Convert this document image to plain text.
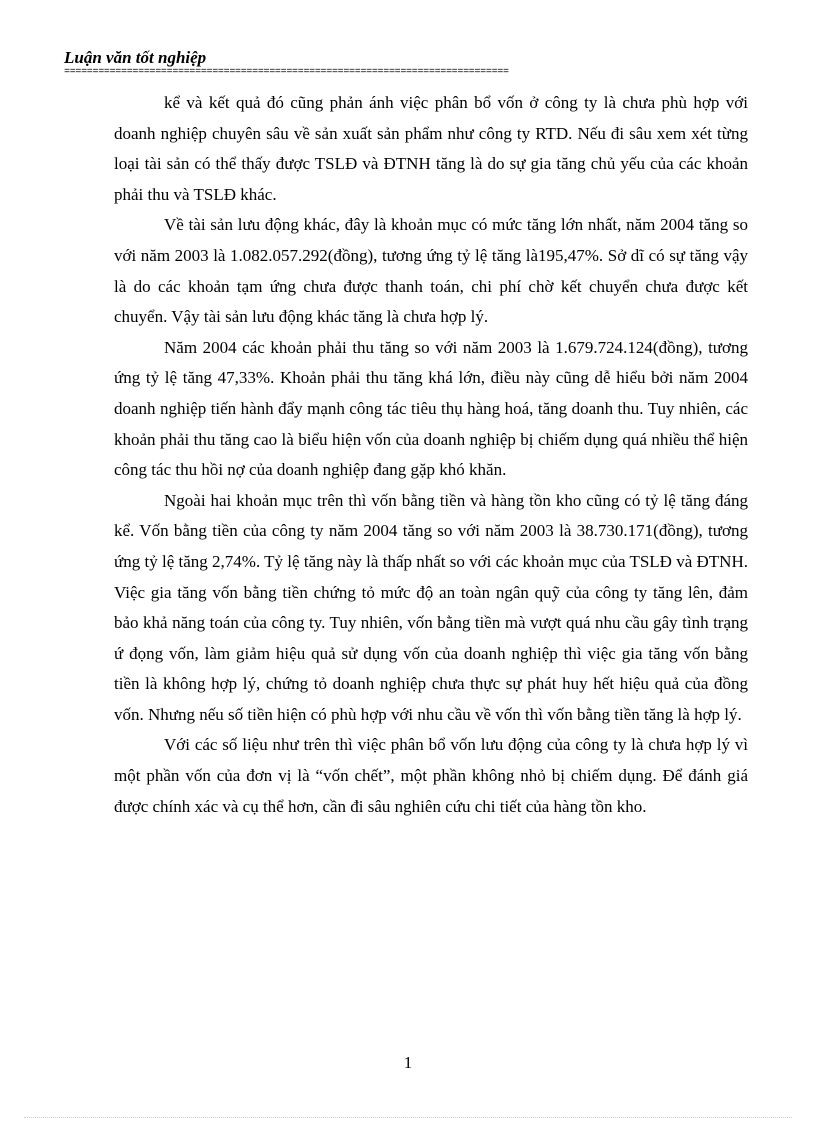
Luận văn tốt nghiệp
==============================================================================

kể và kết quả đó cũng phản ánh việc phân bổ vốn ở công ty là chưa phù hợp với doanh nghiệp chuyên sâu về sản xuất sản phẩm như công ty RTD. Nếu đi sâu xem xét từng loại tài sản có thể thấy được TSLĐ và ĐTNH tăng là do sự gia tăng chủ yếu của các khoản phải thu và TSLĐ khác.

Về tài sản lưu động khác, đây là khoản mục có mức tăng lớn nhất, năm 2004 tăng so với năm 2003 là 1.082.057.292(đồng), tương ứng tỷ lệ tăng là195,47%. Sở dĩ có sự tăng vậy là do các khoản tạm ứng chưa được thanh toán, chi phí chờ kết chuyển chưa được kết chuyển. Vậy tài sản lưu động khác tăng là chưa hợp lý.

Năm 2004 các khoản phải thu tăng so với năm 2003 là 1.679.724.124(đồng), tương ứng tỷ lệ tăng 47,33%. Khoản phải thu tăng khá lớn, điều này cũng dễ hiểu bởi năm 2004 doanh nghiệp tiến hành đẩy mạnh công tác tiêu thụ hàng hoá, tăng doanh thu. Tuy nhiên, các khoản phải thu tăng cao là biểu hiện vốn của doanh nghiệp bị chiếm dụng quá nhiều thể hiện công tác thu hồi nợ của doanh nghiệp đang gặp khó khăn.

Ngoài hai khoản mục trên thì vốn bằng tiền và hàng tồn kho cũng có tỷ lệ tăng đáng kể. Vốn bằng tiền của công ty năm 2004 tăng so với năm 2003 là 38.730.171(đồng), tương ứng tỷ lệ tăng 2,74%. Tỷ lệ tăng này là thấp nhất so với các khoản mục của TSLĐ và ĐTNH. Việc gia tăng vốn bằng tiền chứng tỏ mức độ an toàn ngân quỹ của công ty tăng lên, đảm bảo khả năng toán của công ty. Tuy nhiên, vốn bằng tiền mà vượt quá nhu cầu gây tình trạng ứ đọng vốn, làm giảm hiệu quả sử dụng vốn của doanh nghiệp thì việc gia tăng vốn bằng tiền là không hợp lý, chứng tỏ doanh nghiệp chưa thực sự phát huy hết hiệu quả của đồng vốn. Nhưng nếu số tiền hiện có phù hợp với nhu cầu về vốn thì vốn bằng tiền tăng là hợp lý.

Với các số liệu như trên thì việc phân bổ vốn lưu động của công ty là chưa hợp lý vì một phần vốn của đơn vị là “vốn chết”, một phần không nhỏ bị chiếm dụng. Để đánh giá được chính xác và cụ thể hơn, cần đi sâu nghiên cứu chi tiết của hàng tồn kho.

1
